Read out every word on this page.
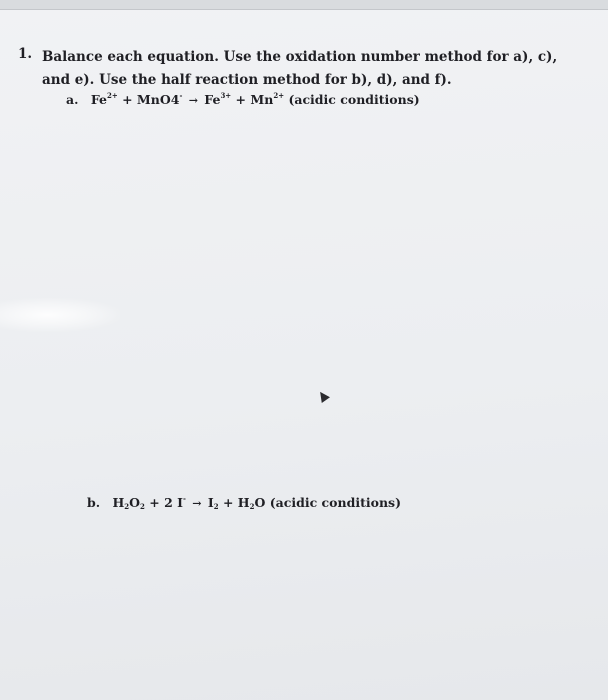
1. Balance each equation. Use the oxidation number method for a), c),
and e). Use the half reaction method for b), d), and f).
a. $Fe^{2+} + MnO4^- \to Fe^{3+} + Mn^{2+}$ (acidic conditions)
b. $H_2O_2 + 2$ $I^- \to I_2 + H_2O$ (acidic conditions)
